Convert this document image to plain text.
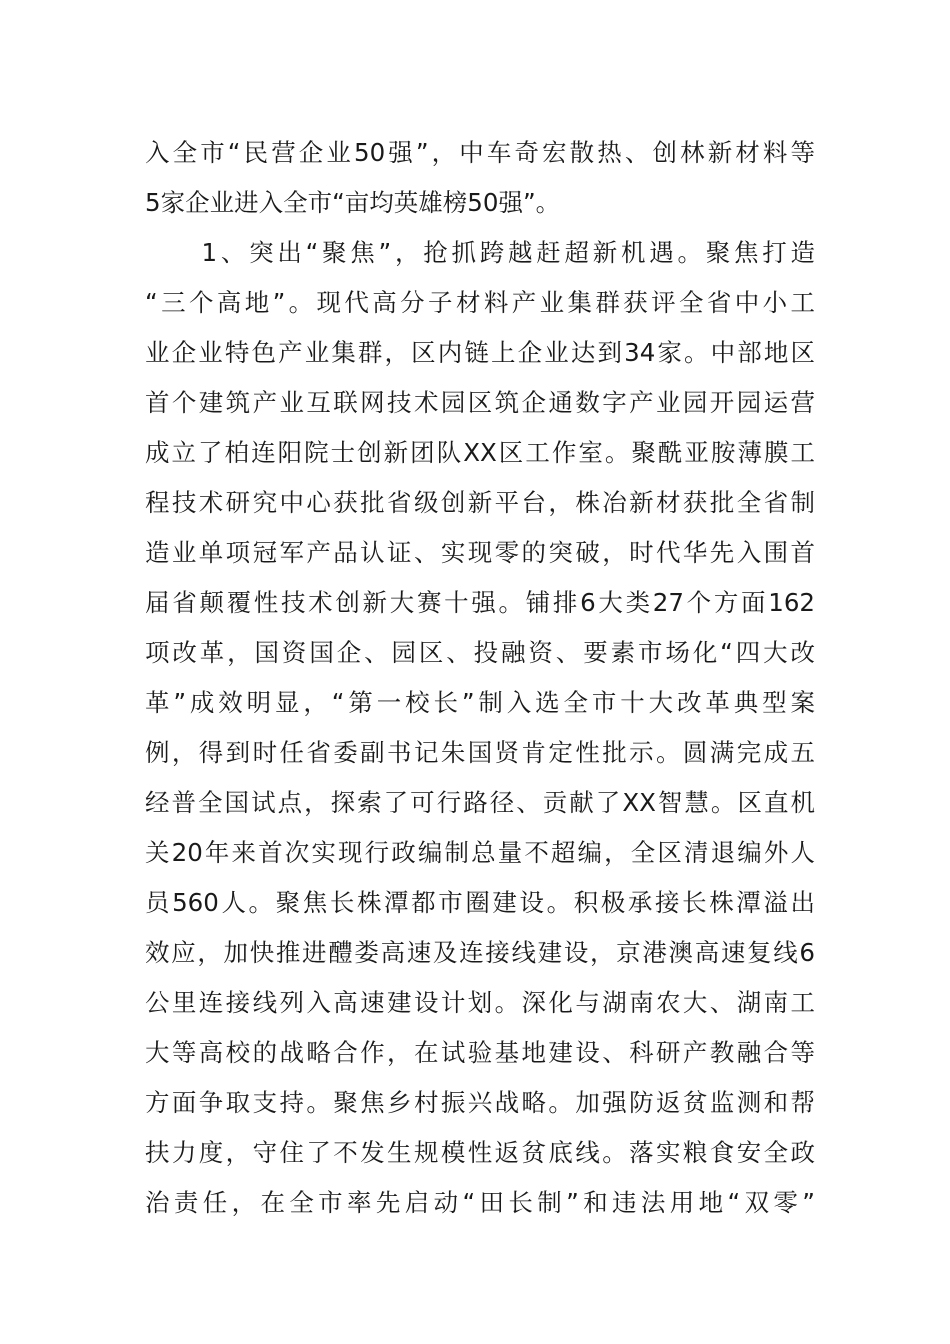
入全市“民营企业50强”，中车奇宏散热、创林新材料等
5家企业进入全市“亩均英雄榜50强”。
　　1、突出“聚焦”，抢抓跨越赶超新机遇。聚焦打造
“三个高地”。现代高分子材料产业集群获评全省中小工
业企业特色产业集群，区内链上企业达到34家。中部地区
首个建筑产业互联网技术园区筑企通数字产业园开园运营
成立了柏连阳院士创新团队XX区工作室。聚酰亚胺薄膜工
程技术研究中心获批省级创新平台，株冶新材获批全省制
造业单项冠军产品认证、实现零的突破，时代华先入围首
届省颠覆性技术创新大赛十强。铺排6大类27个方面162
项改革，国资国企、园区、投融资、要素市场化“四大改
革”成效明显，“第一校长”制入选全市十大改革典型案
例，得到时任省委副书记朱国贤肯定性批示。圆满完成五
经普全国试点，探索了可行路径、贡献了XX智慧。区直机
关20年来首次实现行政编制总量不超编，全区清退编外人
员560人。聚焦长株潭都市圈建设。积极承接长株潭溢出
效应，加快推进醴娄高速及连接线建设，京港澳高速复线6
公里连接线列入高速建设计划。深化与湖南农大、湖南工
大等高校的战略合作，在试验基地建设、科研产教融合等
方面争取支持。聚焦乡村振兴战略。加强防返贫监测和帮
扶力度，守住了不发生规模性返贫底线。落实粮食安全政
治责任，在全市率先启动“田长制”和违法用地“双零”
